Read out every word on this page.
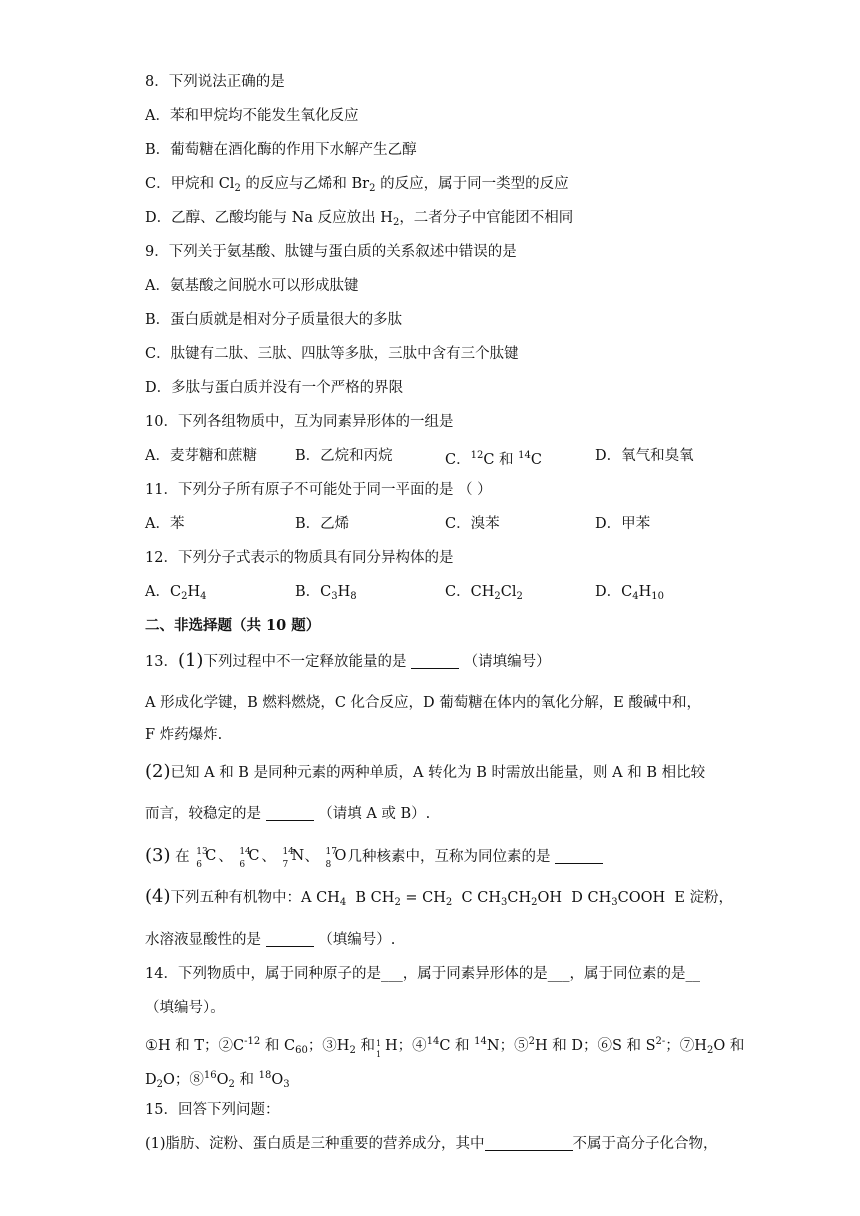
8．下列说法正确的是
A．苯和甲烷均不能发生氧化反应
B．葡萄糖在酒化酶的作用下水解产生乙醇
C．甲烷和 $Cl_2$ 的反应与乙烯和 $Br_2$ 的反应，属于同一类型的反应
D．乙醇、乙酸均能与 Na 反应放出 $H_2$，二者分子中官能团不相同
9．下列关于氨基酸、肽键与蛋白质的关系叙述中错误的是
A．氨基酸之间脱水可以形成肽键
B．蛋白质就是相对分子质量很大的多肽
C．肽键有二肽、三肽、四肽等多肽，三肽中含有三个肽键
D．多肽与蛋白质并没有一个严格的界限
10．下列各组物质中，互为同素异形体的一组是
A．麦芽糖和蔗糖	B．乙烷和丙烷	C．$^{12}$C 和 $^{14}$C	D．氧气和臭氧
11．下列分子所有原子不可能处于同一平面的是 （ ）
A．苯	B．乙烯	C．溴苯	D．甲苯
12．下列分子式表示的物质具有同分异构体的是
A．$C_2H_4$	B．$C_3H_8$	C．$CH_2Cl_2$	D．$C_4H_{10}$
二、非选择题（共 10 题）
13．(1)下列过程中不一定释放能量的是	（请填编号）
A 形成化学键，B 燃料燃烧，C 化合反应，D 葡萄糖在体内的氧化分解，E 酸碱中和，
F 炸药爆炸.
(2)已知 A 和 B 是同种元素的两种单质，A 转化为 B 时需放出能量，则 A 和 B 相比较
而言，较稳定的是	（请填 A 或 B）.
(3) 在 13
6
C 、 14
6
C 、 14
7
N 、 17
8
O 几种核素中，互称为同位素的是
(4)下列五种有机物中：A $CH_4$ B $CH_2 = CH_2$ C $CH_3CH_2OH$ D $CH_3COOH$ E 淀粉，
水溶液显酸性的是	（填编号）.
14．下列物质中，属于同种原子的是___，属于同素异形体的是___，属于同位素的是__
（填编号）。
①H 和 T；$②C^{-12}$ 和 $C_{60}$；$③H_2$ 和 1
1
H；④$^{14}$C 和 $^{14}$N；⑤$^2$H 和 D；⑥S 和 $S^{2-}$；$⑦H_2O$ 和
$D_2O$；$⑧^{16}O_2$ 和 $^{18}O_3$
15．回答下列问题：
(1)脂肪、淀粉、蛋白质是三种重要的营养成分，其中	不属于高分子化合物，
